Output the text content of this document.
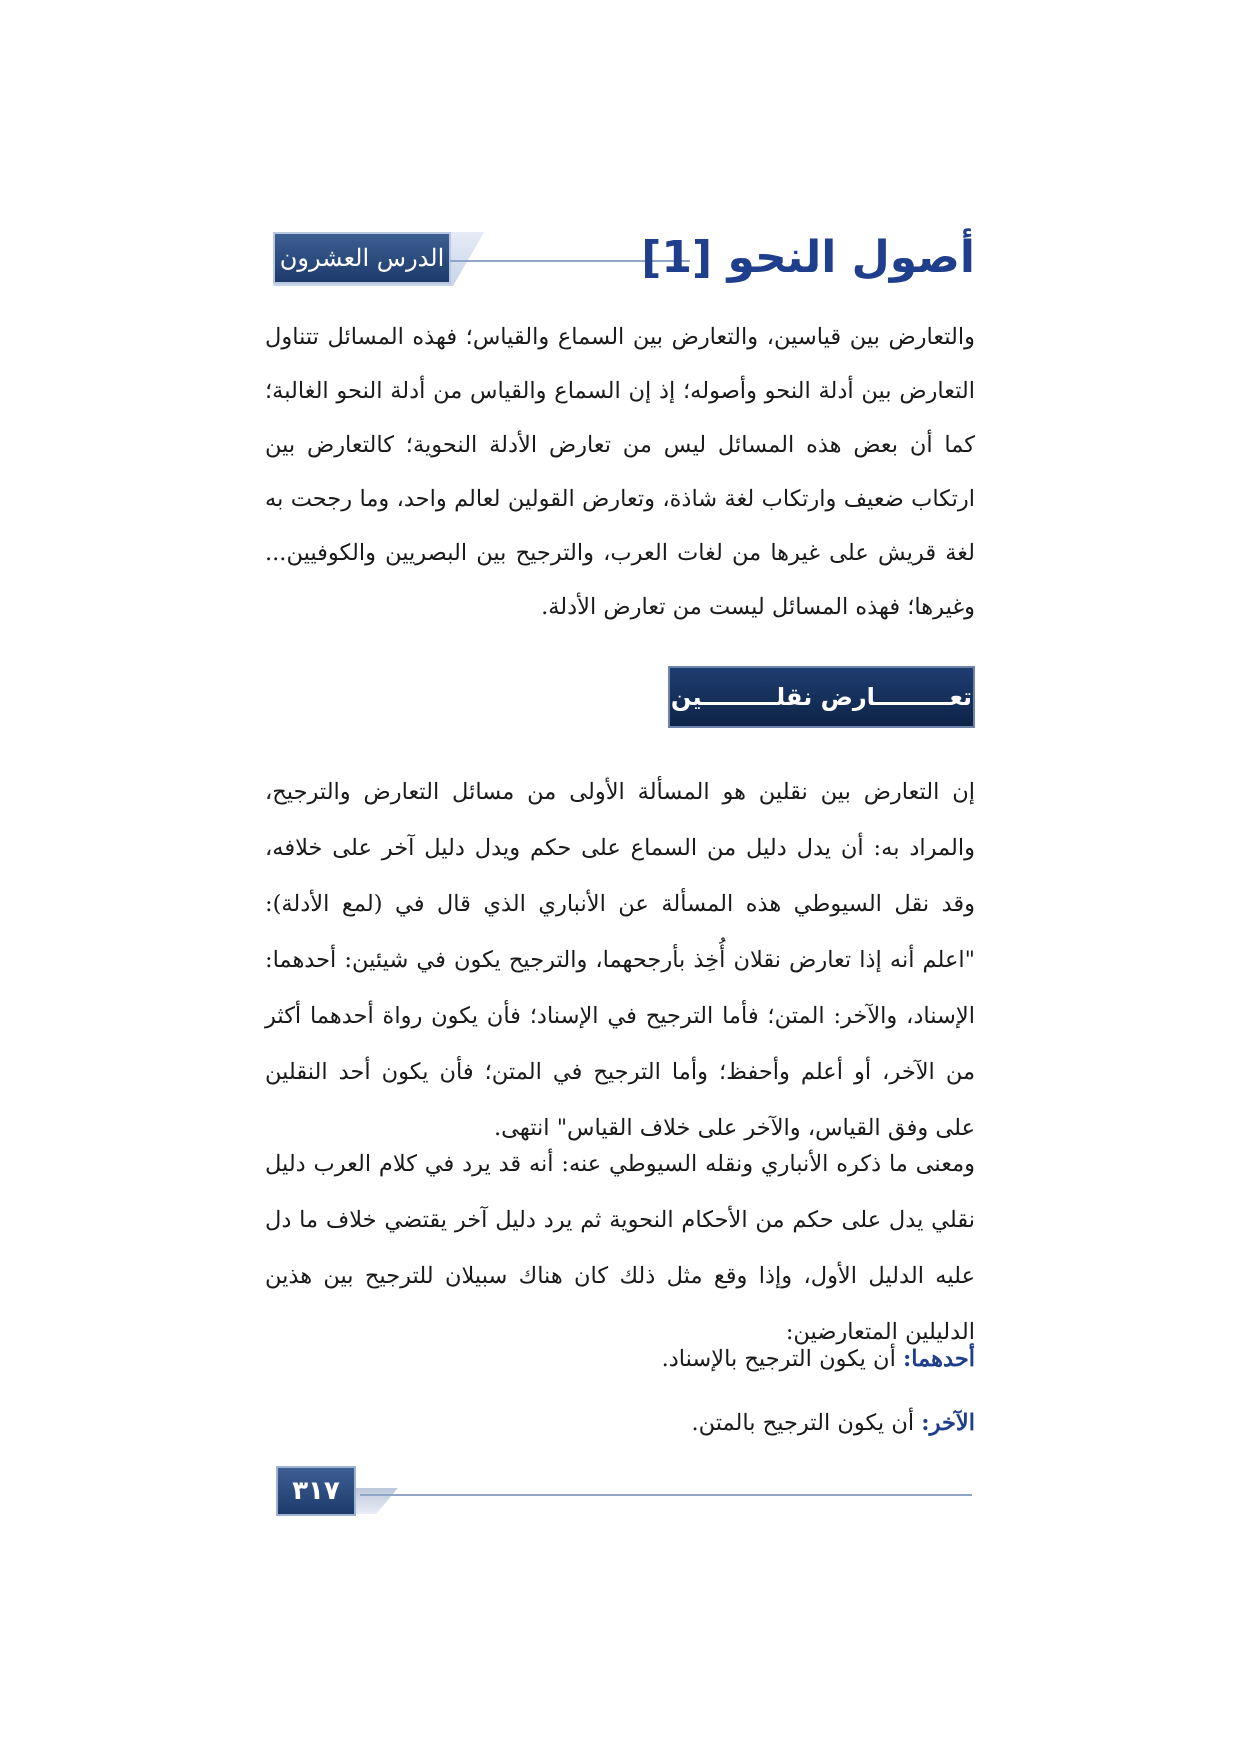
الدرس العشرون	أصول النحو [1]
والتعارض بين قياسين، والتعارض بين السماع والقياس؛ فهذه المسائل تتناول التعارض بين أدلة النحو وأصوله؛ إذ إن السماع والقياس من أدلة النحو الغالبة؛ كما أن بعض هذه المسائل ليس من تعارض الأدلة النحوية؛ كالتعارض بين ارتكاب ضعيف وارتكاب لغة شاذة، وتعارض القولين لعالم واحد، وما رجحت به لغة قريش على غيرها من لغات العرب، والترجيح بين البصريين والكوفيين... وغيرها؛ فهذه المسائل ليست من تعارض الأدلة.
تعـــــــــارض نقلـــــــــين
إن التعارض بين نقلين هو المسألة الأولى من مسائل التعارض والترجيح، والمراد به: أن يدل دليل من السماع على حكم ويدل دليل آخر على خلافه، وقد نقل السيوطي هذه المسألة عن الأنباري الذي قال في (لمع الأدلة): "اعلم أنه إذا تعارض نقلان أُخِذ بأرجحهما، والترجيح يكون في شيئين: أحدهما: الإسناد، والآخر: المتن؛ فأما الترجيح في الإسناد؛ فأن يكون رواة أحدهما أكثر من الآخر، أو أعلم وأحفظ؛ وأما الترجيح في المتن؛ فأن يكون أحد النقلين على وفق القياس، والآخر على خلاف القياس" انتهى.
ومعنى ما ذكره الأنباري ونقله السيوطي عنه: أنه قد يرد في كلام العرب دليل نقلي يدل على حكم من الأحكام النحوية ثم يرد دليل آخر يقتضي خلاف ما دل عليه الدليل الأول، وإذا وقع مثل ذلك كان هناك سبيلان للترجيح بين هذين الدليلين المتعارضين:
أحدهما: أن يكون الترجيح بالإسناد.
الآخر: أن يكون الترجيح بالمتن.
٣١٧
